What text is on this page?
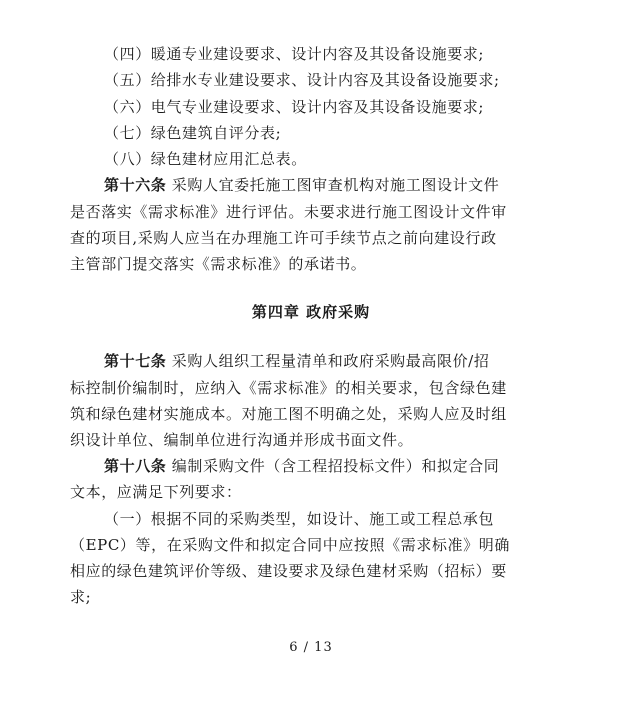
（四）暖通专业建设要求、设计内容及其设备设施要求;
（五）给排水专业建设要求、设计内容及其设备设施要求;
（六）电气专业建设要求、设计内容及其设备设施要求;
（七）绿色建筑自评分表;
（八）绿色建材应用汇总表。
第十六条 采购人宜委托施工图审查机构对施工图设计文件
是否落实《需求标准》进行评估。未要求进行施工图设计文件审
查的项目,采购人应当在办理施工许可手续节点之前向建设行政
主管部门提交落实《需求标准》的承诺书。
第四章 政府采购
第十七条 采购人组织工程量清单和政府采购最高限价/招
标控制价编制时，应纳入《需求标准》的相关要求，包含绿色建
筑和绿色建材实施成本。对施工图不明确之处，采购人应及时组
织设计单位、编制单位进行沟通并形成书面文件。
第十八条 编制采购文件（含工程招投标文件）和拟定合同
文本，应满足下列要求：
（一）根据不同的采购类型，如设计、施工或工程总承包
（EPC）等，在采购文件和拟定合同中应按照《需求标准》明确
相应的绿色建筑评价等级、建设要求及绿色建材采购（招标）要
求;
6 / 13
